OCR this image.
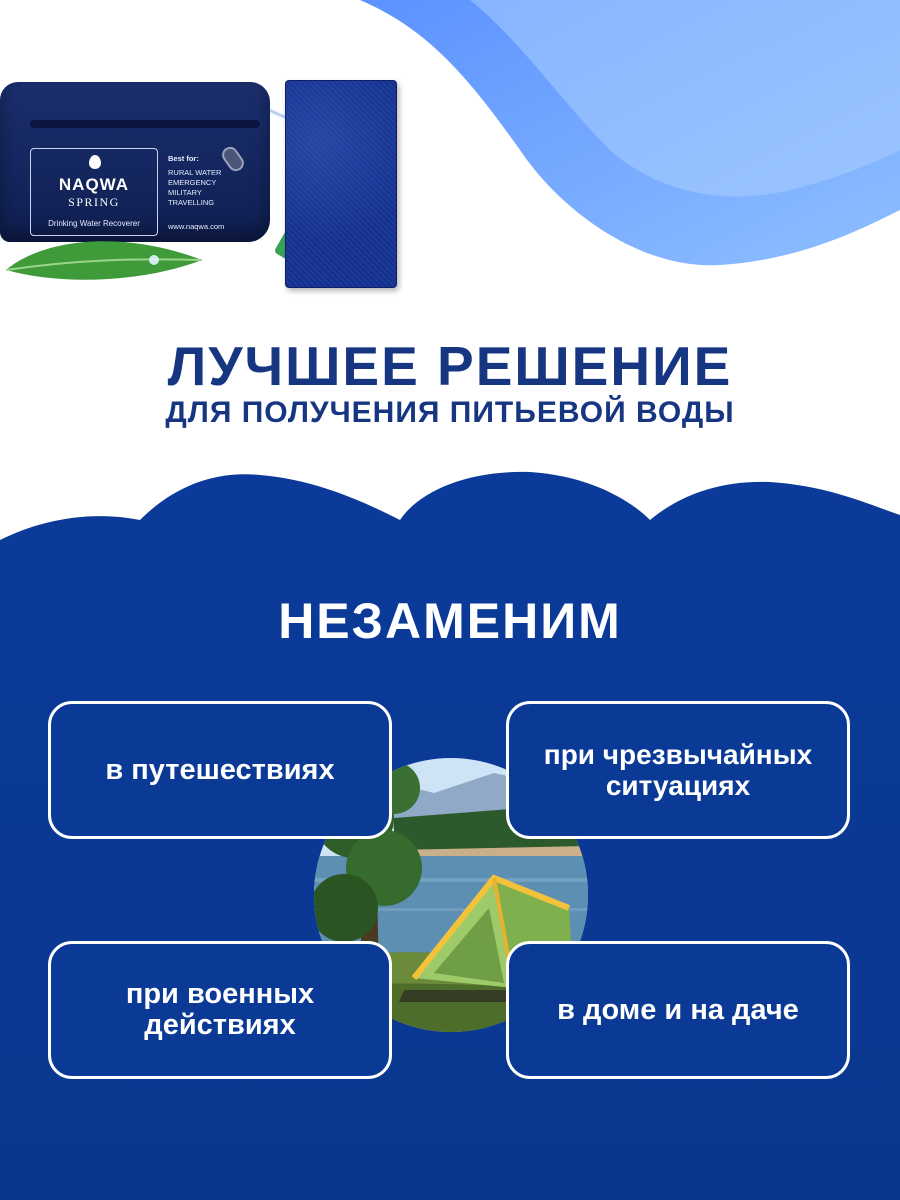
NAQWA
SPRING
Drinking Water Recoverer
Best for:
RURAL WATER
EMERGENCY
MILITARY
TRAVELLING
www.naqwa.com
ЛУЧШЕЕ РЕШЕНИЕ
ДЛЯ ПОЛУЧЕНИЯ ПИТЬЕВОЙ ВОДЫ
НЕЗАМЕНИМ
в путешествиях	при чрезвычайных
ситуациях
при военных
действиях	в доме и на даче
